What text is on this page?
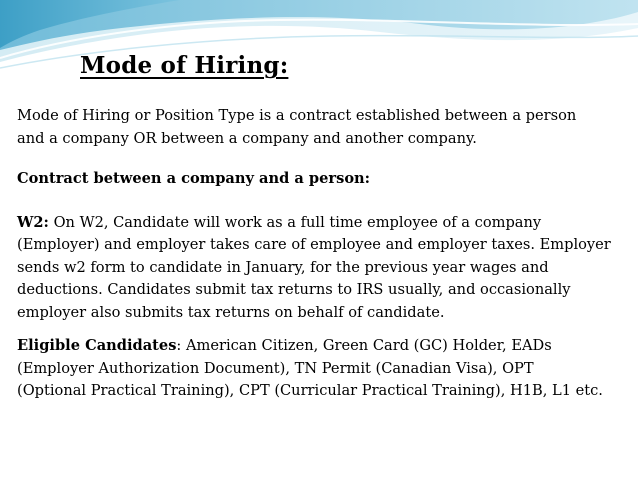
Mode of Hiring:

Mode of Hiring or Position Type is a contract established between a person

and a company OR between a company and another company.

Contract between a company and a person:

W2: On W2, Candidate will work as a full time employee of a company

(Employer) and employer takes care of employee and employer taxes. Employer

sends w2 form to candidate in January, for the previous year wages and

deductions. Candidates submit tax returns to IRS usually, and occasionally

employer also submits tax returns on behalf of candidate.

Eligible Candidates: American Citizen, Green Card (GC) Holder, EADs

(Employer Authorization Document), TN Permit (Canadian Visa), OPT

(Optional Practical Training), CPT (Curricular Practical Training), H1B, L1 etc.
